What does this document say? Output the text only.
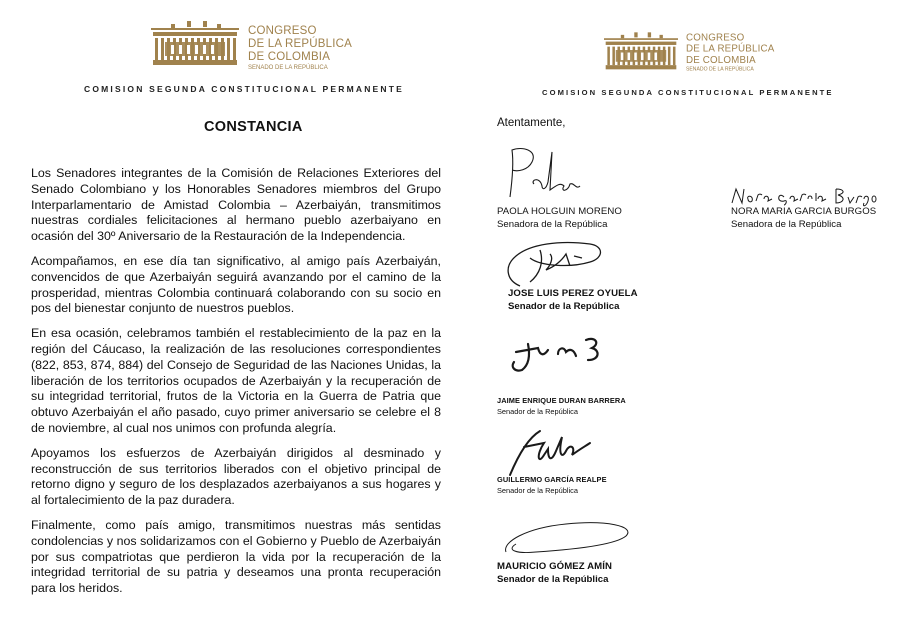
CONGRESO
DE LA REPÚBLICA
DE COLOMBIA
SENADO DE LA REPÚBLICA
COMISION SEGUNDA CONSTITUCIONAL PERMANENTE
CONGRESO
DE LA REPÚBLICA
DE COLOMBIA
SENADO DE LA REPÚBLICA
COMISION SEGUNDA CONSTITUCIONAL PERMANENTE
CONSTANCIA

Los Senadores integrantes de la Comisión de Relaciones Exteriores del Senado Colombiano y los Honorables Senadores miembros del Grupo Interparlamentario de Amistad Colombia – Azerbaiyán, transmitimos nuestras cordiales felicitaciones al hermano pueblo azerbaiyano en ocasión del 30º Aniversario de la Restauración de la Independencia.

Acompañamos, en ese día tan significativo, al amigo país Azerbaiyán, convencidos de que Azerbaiyán seguirá avanzando por el camino de la prosperidad, mientras Colombia continuará colaborando con su socio en pos del bienestar conjunto de nuestros pueblos.

En esa ocasión, celebramos también el restablecimiento de la paz en la región del Cáucaso, la realización de las resoluciones correspondientes (822, 853, 874, 884) del Consejo de Seguridad de las Naciones Unidas, la liberación de los territorios ocupados de Azerbaiyán y la recuperación de su integridad territorial, frutos de la Victoria en la Guerra de Patria que obtuvo Azerbaiyán el año pasado, cuyo primer aniversario se celebre el 8 de noviembre, al cual nos unimos con profunda alegría.

Apoyamos los esfuerzos de Azerbaiyán dirigidos al desminado y reconstrucción de sus territorios liberados con el objetivo principal de retorno digno y seguro de los desplazados azerbaiyanos a sus hogares y al fortalecimiento de la paz duradera.

Finalmente, como país amigo, transmitimos nuestras más sentidas condolencias y nos solidarizamos con el Gobierno y Pueblo de Azerbaiyán por sus compatriotas que perdieron la vida por la recuperación de la integridad territorial de su patria y deseamos una pronta recuperación para los heridos.

Atentamente,
PAOLA HOLGUIN MORENO
Senadora de la República
NORA MARIA GARCIA BURGOS
Senadora de la República
JOSE LUIS PEREZ OYUELA
Senador de la República
JAIME ENRIQUE DURAN BARRERA
Senador de la República
GUILLERMO GARCÍA REALPE
Senador de la República
MAURICIO GÓMEZ AMÍN
Senador de la República
